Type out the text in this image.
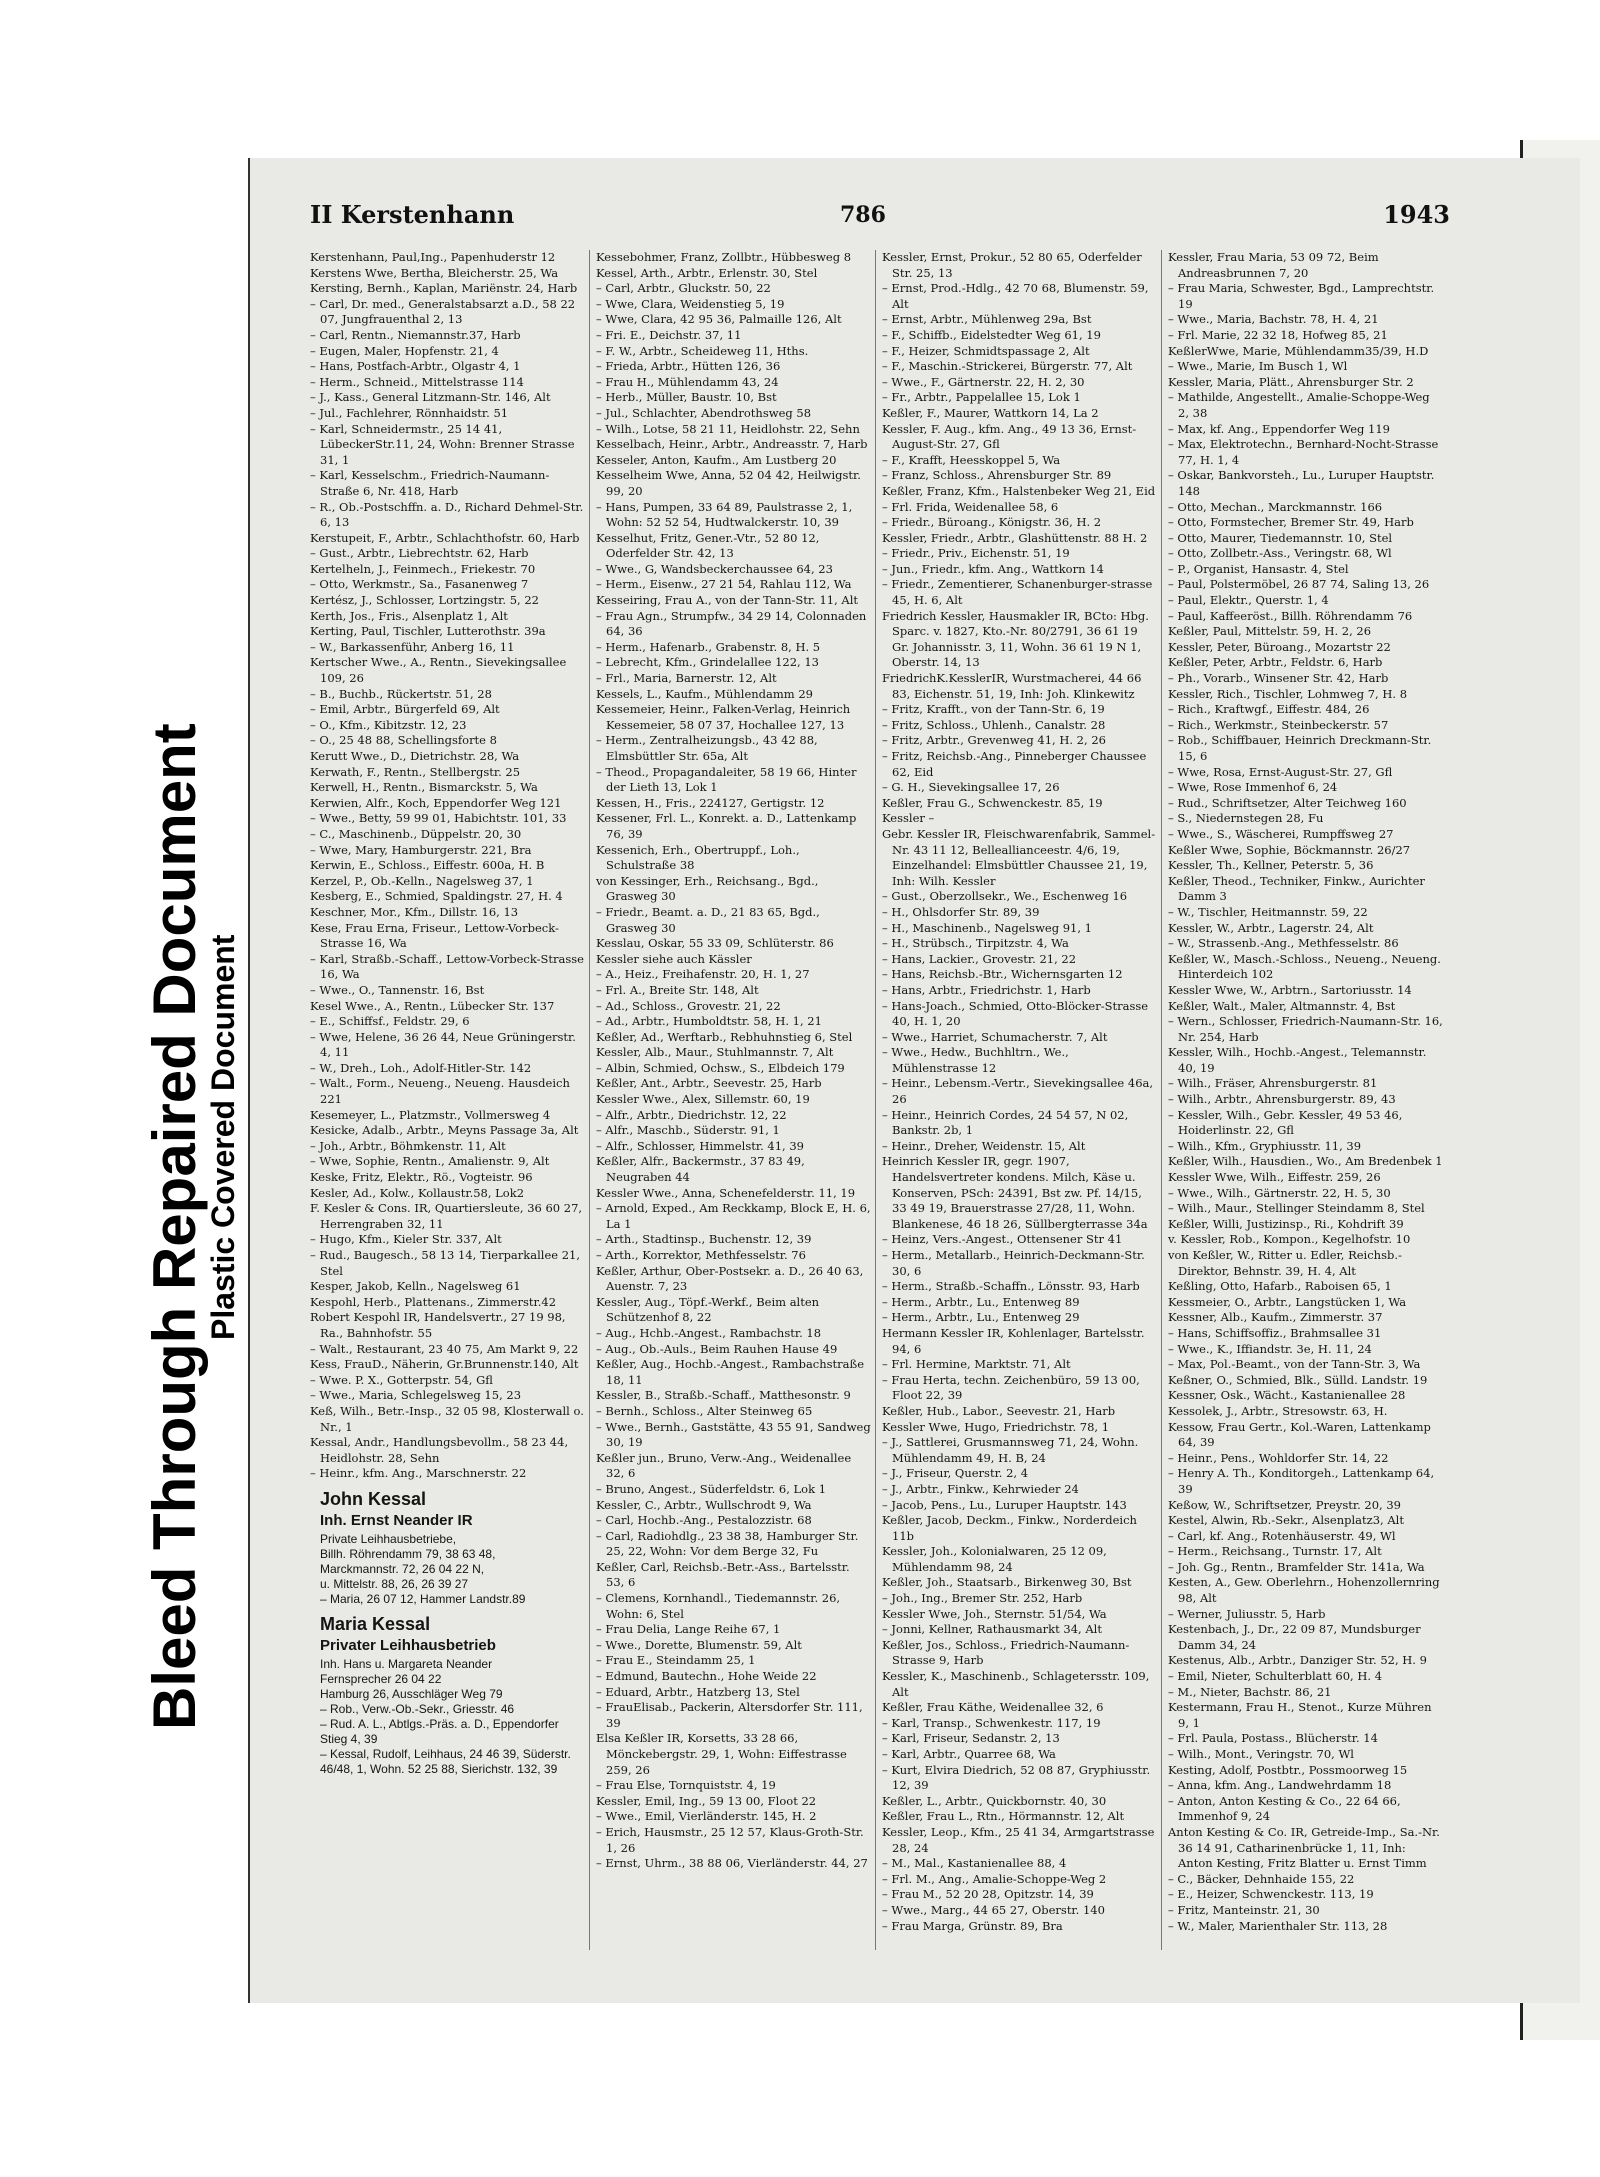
Bleed Through Repaired Document
Plastic Covered Document
II Kerstenhann	786	1943

Kerstenhann, Paul,Ing., Papenhuderstr 12

Kerstens Wwe, Bertha, Bleicherstr. 25, Wa

Kersting, Bernh., Kaplan, Mariënstr. 24, Harb

– Carl, Dr. med., Generalstabsarzt a.D., 58 22 07, Jungfrauenthal 2, 13

– Carl, Rentn., Niemannstr.37, Harb

– Eugen, Maler, Hopfenstr. 21, 4

– Hans, Postfach-Arbtr., Olgastr 4, 1

– Herm., Schneid., Mittelstrasse 114

– J., Kass., General Litzmann-Str. 146, Alt

– Jul., Fachlehrer, Rönnhaidstr. 51

– Karl, Schneidermstr., 25 14 41, LübeckerStr.11, 24, Wohn: Brenner Strasse 31, 1

– Karl, Kesselschm., Friedrich-Naumann-Straße 6, Nr. 418, Harb

– R., Ob.-Postschffn. a. D., Richard Dehmel-Str. 6, 13

Kerstupeit, F., Arbtr., Schlachthofstr. 60, Harb

– Gust., Arbtr., Liebrechtstr. 62, Harb

Kertelheln, J., Feinmech., Friekestr. 70

– Otto, Werkmstr., Sa., Fasanenweg 7

Kertész, J., Schlosser, Lortzingstr. 5, 22

Kerth, Jos., Fris., Alsenplatz 1, Alt

Kerting, Paul, Tischler, Lutterothstr. 39a

– W., Barkassenführ, Anberg 16, 11

Kertscher Wwe., A., Rentn., Sievekingsallee 109, 26

– B., Buchb., Rückertstr. 51, 28

– Emil, Arbtr., Bürgerfeld 69, Alt

– O., Kfm., Kibitzstr. 12, 23

– O., 25 48 88, Schellingsforte 8

Kerutt Wwe., D., Dietrichstr. 28, Wa

Kerwath, F., Rentn., Stellbergstr. 25

Kerwell, H., Rentn., Bismarckstr. 5, Wa

Kerwien, Alfr., Koch, Eppendorfer Weg 121

– Wwe., Betty, 59 99 01, Habichtstr. 101, 33

– C., Maschinenb., Düppelstr. 20, 30

– Wwe, Mary, Hamburgerstr. 221, Bra

Kerwin, E., Schloss., Eiffestr. 600a, H. B

Kerzel, P., Ob.-Kelln., Nagelsweg 37, 1

Kesberg, E., Schmied, Spaldingstr. 27, H. 4

Keschner, Mor., Kfm., Dillstr. 16, 13

Kese, Frau Erna, Friseur., Lettow-Vorbeck-Strasse 16, Wa

– Karl, Straßb.-Schaff., Lettow-Vorbeck-Strasse 16, Wa

– Wwe., O., Tannenstr. 16, Bst

Kesel Wwe., A., Rentn., Lübecker Str. 137

– E., Schiffsf., Feldstr. 29, 6

– Wwe, Helene, 36 26 44, Neue Grüningerstr. 4, 11

– W., Dreh., Loh., Adolf-Hitler-Str. 142

– Walt., Form., Neueng., Neueng. Hausdeich 221

Kesemeyer, L., Platzmstr., Vollmersweg 4

Kesicke, Adalb., Arbtr., Meyns Passage 3a, Alt

– Joh., Arbtr., Böhmkenstr. 11, Alt

– Wwe, Sophie, Rentn., Amalienstr. 9, Alt

Keske, Fritz, Elektr., Rö., Vogteistr. 96

Kesler, Ad., Kolw., Kollaustr.58, Lok2

F. Kesler & Cons. IR, Quartiersleute, 36 60 27, Herrengraben 32, 11

– Hugo, Kfm., Kieler Str. 337, Alt

– Rud., Baugesch., 58 13 14, Tierparkallee 21, Stel

Kesper, Jakob, Kelln., Nagelsweg 61

Kespohl, Herb., Plattenans., Zimmerstr.42

Robert Kespohl IR, Handelsvertr., 27 19 98, Ra., Bahnhofstr. 55

– Walt., Restaurant, 23 40 75, Am Markt 9, 22

Kess, FrauD., Näherin, Gr.Brunnenstr.140, Alt

– Wwe. P. X., Gotterpstr. 54, Gfl

– Wwe., Maria, Schlegelsweg 15, 23

Keß, Wilh., Betr.-Insp., 32 05 98, Klosterwall o. Nr., 1

Kessal, Andr., Handlungsbevollm., 58 23 44, Heidlohstr. 28, Sehn

– Heinr., kfm. Ang., Marschnerstr. 22

John Kessal
Inh. Ernst Neander IR
Private Leihhausbetriebe,
Billh. Röhrendamm 79, 38 63 48,
Marckmannstr. 72, 26 04 22 N,
u. Mittelstr. 88, 26, 26 39 27
– Maria, 26 07 12, Hammer Landstr.89
Maria Kessal
Privater Leihhausbetrieb
Inh. Hans u. Margareta Neander
Fernsprecher 26 04 22
Hamburg 26, Ausschläger Weg 79
– Rob., Verw.-Ob.-Sekr., Griesstr. 46
– Rud. A. L., Abtlgs.-Präs. a. D., Eppendorfer Stieg 4, 39
– Kessal, Rudolf, Leihhaus, 24 46 39, Süderstr. 46/48, 1, Wohn. 52 25 88, Sierichstr. 132, 39

Kessebohmer, Franz, Zollbtr., Hübbesweg 8

Kessel, Arth., Arbtr., Erlenstr. 30, Stel

– Carl, Arbtr., Gluckstr. 50, 22

– Wwe, Clara, Weidenstieg 5, 19

– Wwe, Clara, 42 95 36, Palmaille 126, Alt

– Fri. E., Deichstr. 37, 11

– F. W., Arbtr., Scheideweg 11, Hths.

– Frieda, Arbtr., Hütten 126, 36

– Frau H., Mühlendamm 43, 24

– Herb., Müller, Baustr. 10, Bst

– Jul., Schlachter, Abendrothsweg 58

– Wilh., Lotse, 58 21 11, Heidlohstr. 22, Sehn

Kesselbach, Heinr., Arbtr., Andreasstr. 7, Harb

Kesseler, Anton, Kaufm., Am Lustberg 20

Kesselheim Wwe, Anna, 52 04 42, Heilwigstr. 99, 20

– Hans, Pumpen, 33 64 89, Paulstrasse 2, 1, Wohn: 52 52 54, Hudtwalckerstr. 10, 39

Kesselhut, Fritz, Gener.-Vtr., 52 80 12, Oderfelder Str. 42, 13

– Wwe., G, Wandsbeckerchaussee 64, 23

– Herm., Eisenw., 27 21 54, Rahlau 112, Wa

Kesseiring, Frau A., von der Tann-Str. 11, Alt

– Frau Agn., Strumpfw., 34 29 14, Colonnaden 64, 36

– Herm., Hafenarb., Grabenstr. 8, H. 5

– Lebrecht, Kfm., Grindelallee 122, 13

– Frl., Maria, Barnerstr. 12, Alt

Kessels, L., Kaufm., Mühlendamm 29

Kessemeier, Heinr., Falken-Verlag, Heinrich Kessemeier, 58 07 37, Hochallee 127, 13

– Herm., Zentralheizungsb., 43 42 88, Elmsbüttler Str. 65a, Alt

– Theod., Propagandaleiter, 58 19 66, Hinter der Lieth 13, Lok 1

Kessen, H., Fris., 224127, Gertigstr. 12

Kessener, Frl. L., Konrekt. a. D., Lattenkamp 76, 39

Kessenich, Erh., Obertruppf., Loh., Schulstraße 38

von Kessinger, Erh., Reichsang., Bgd., Grasweg 30

– Friedr., Beamt. a. D., 21 83 65, Bgd., Grasweg 30

Kesslau, Oskar, 55 33 09, Schlüterstr. 86

Kessler siehe auch Kässler

– A., Heiz., Freihafenstr. 20, H. 1, 27

– Frl. A., Breite Str. 148, Alt

– Ad., Schloss., Grovestr. 21, 22

– Ad., Arbtr., Humboldtstr. 58, H. 1, 21

Keßler, Ad., Werftarb., Rebhuhnstieg 6, Stel

Kessler, Alb., Maur., Stuhlmannstr. 7, Alt

– Albin, Schmied, Ochsw., S., Elbdeich 179

Keßler, Ant., Arbtr., Seevestr. 25, Harb

Kessler Wwe., Alex, Sillemstr. 60, 19

– Alfr., Arbtr., Diedrichstr. 12, 22

– Alfr., Maschb., Süderstr. 91, 1

– Alfr., Schlosser, Himmelstr. 41, 39

Keßler, Alfr., Backermstr., 37 83 49, Neugraben 44

Kessler Wwe., Anna, Schenefelderstr. 11, 19

– Arnold, Exped., Am Reckkamp, Block E, H. 6, La 1

– Arth., Stadtinsp., Buchenstr. 12, 39

– Arth., Korrektor, Methfesselstr. 76

Keßler, Arthur, Ober-Postsekr. a. D., 26 40 63, Auenstr. 7, 23

Kessler, Aug., Töpf.-Werkf., Beim alten Schützenhof 8, 22

– Aug., Hchb.-Angest., Rambachstr. 18

– Aug., Ob.-Auls., Beim Rauhen Hause 49

Keßler, Aug., Hochb.-Angest., Rambachstraße 18, 11

Kessler, B., Straßb.-Schaff., Matthesonstr. 9

– Bernh., Schloss., Alter Steinweg 65

– Wwe., Bernh., Gaststätte, 43 55 91, Sandweg 30, 19

Keßler jun., Bruno, Verw.-Ang., Weidenallee 32, 6

– Bruno, Angest., Süderfeldstr. 6, Lok 1

Kessler, C., Arbtr., Wullschrodt 9, Wa

– Carl, Hochb.-Ang., Pestalozzistr. 68

– Carl, Radiohdlg., 23 38 38, Hamburger Str. 25, 22, Wohn: Vor dem Berge 32, Fu

Keßler, Carl, Reichsb.-Betr.-Ass., Bartelsstr. 53, 6

– Clemens, Kornhandl., Tiedemannstr. 26, Wohn: 6, Stel

– Frau Delia, Lange Reihe 67, 1

– Wwe., Dorette, Blumenstr. 59, Alt

– Frau E., Steindamm 25, 1

– Edmund, Bautechn., Hohe Weide 22

– Eduard, Arbtr., Hatzberg 13, Stel

– FrauElisab., Packerin, Altersdorfer Str. 111, 39

Elsa Keßler IR, Korsetts, 33 28 66, Mönckebergstr. 29, 1, Wohn: Eiffestrasse 259, 26

– Frau Else, Tornquiststr. 4, 19

Kessler, Emil, Ing., 59 13 00, Floot 22

– Wwe., Emil, Vierländerstr. 145, H. 2

– Erich, Hausmstr., 25 12 57, Klaus-Groth-Str. 1, 26

– Ernst, Uhrm., 38 88 06, Vierländerstr. 44, 27

Kessler, Ernst, Prokur., 52 80 65, Oderfelder Str. 25, 13

– Ernst, Prod.-Hdlg., 42 70 68, Blumenstr. 59, Alt

– Ernst, Arbtr., Mühlenweg 29a, Bst

– F., Schiffb., Eidelstedter Weg 61, 19

– F., Heizer, Schmidtspassage 2, Alt

– F., Maschin.-Strickerei, Bürgerstr. 77, Alt

– Wwe., F., Gärtnerstr. 22, H. 2, 30

– Fr., Arbtr., Pappelallee 15, Lok 1

Keßler, F., Maurer, Wattkorn 14, La 2

Kessler, F. Aug., kfm. Ang., 49 13 36, Ernst-August-Str. 27, Gfl

– F., Krafft, Heesskoppel 5, Wa

– Franz, Schloss., Ahrensburger Str. 89

Keßler, Franz, Kfm., Halstenbeker Weg 21, Eid

– Frl. Frida, Weidenallee 58, 6

– Friedr., Büroang., Königstr. 36, H. 2

Kessler, Friedr., Arbtr., Glashüttenstr. 88 H. 2

– Friedr., Priv., Eichenstr. 51, 19

– Jun., Friedr., kfm. Ang., Wattkorn 14

– Friedr., Zementierer, Schanenburger-strasse 45, H. 6, Alt

Friedrich Kessler, Hausmakler IR, BCto: Hbg. Sparc. v. 1827, Kto.-Nr. 80/2791, 36 61 19 Gr. Johannisstr. 3, 11, Wohn. 36 61 19 N 1, Oberstr. 14, 13

FriedrichK.KesslerIR, Wurstmacherei, 44 66 83, Eichenstr. 51, 19, Inh: Joh. Klinkewitz

– Fritz, Krafft., von der Tann-Str. 6, 19

– Fritz, Schloss., Uhlenh., Canalstr. 28

– Fritz, Arbtr., Grevenweg 41, H. 2, 26

– Fritz, Reichsb.-Ang., Pinneberger Chaussee 62, Eid

– G. H., Sievekingsallee 17, 26

Keßler, Frau G., Schwenckestr. 85, 19

Kessler –

Gebr. Kessler IR, Fleischwarenfabrik, Sammel-Nr. 43 11 12, Belleallianceestr. 4/6, 19, Einzelhandel: Elmsbüttler Chaussee 21, 19, Inh: Wilh. Kessler

– Gust., Oberzollsekr., We., Eschenweg 16

– H., Ohlsdorfer Str. 89, 39

– H., Maschinenb., Nagelsweg 91, 1

– H., Strübsch., Tirpitzstr. 4, Wa

– Hans, Lackier., Grovestr. 21, 22

– Hans, Reichsb.-Btr., Wichernsgarten 12

– Hans, Arbtr., Friedrichstr. 1, Harb

– Hans-Joach., Schmied, Otto-Blöcker-Strasse 40, H. 1, 20

– Wwe., Harriet, Schumacherstr. 7, Alt

– Wwe., Hedw., Buchhltrn., We., Mühlenstrasse 12

– Heinr., Lebensm.-Vertr., Sievekingsallee 46a, 26

– Heinr., Heinrich Cordes, 24 54 57, N 02, Bankstr. 2b, 1

– Heinr., Dreher, Weidenstr. 15, Alt

Heinrich Kessler IR, gegr. 1907, Handelsvertreter kondens. Milch, Käse u. Konserven, PSch: 24391, Bst zw. Pf. 14/15, 33 49 19, Brauerstrasse 27/28, 11, Wohn. Blankenese, 46 18 26, Süllbergterrasse 34a

– Heinz, Vers.-Angest., Ottensener Str 41

– Herm., Metallarb., Heinrich-Deckmann-Str. 30, 6

– Herm., Straßb.-Schaffn., Lönsstr. 93, Harb

– Herm., Arbtr., Lu., Entenweg 89

– Herm., Arbtr., Lu., Entenweg 29

Hermann Kessler IR, Kohlenlager, Bartelsstr. 94, 6

– Frl. Hermine, Marktstr. 71, Alt

– Frau Herta, techn. Zeichenbüro, 59 13 00, Floot 22, 39

Keßler, Hub., Labor., Seevestr. 21, Harb

Kessler Wwe, Hugo, Friedrichstr. 78, 1

– J., Sattlerei, Grusmannsweg 71, 24, Wohn. Mühlendamm 49, H. B, 24

– J., Friseur, Querstr. 2, 4

– J., Arbtr., Finkw., Kehrwieder 24

– Jacob, Pens., Lu., Luruper Hauptstr. 143

Keßler, Jacob, Deckm., Finkw., Norderdeich 11b

Kessler, Joh., Kolonialwaren, 25 12 09, Mühlendamm 98, 24

Keßler, Joh., Staatsarb., Birkenweg 30, Bst

– Joh., Ing., Bremer Str. 252, Harb

Kessler Wwe, Joh., Sternstr. 51/54, Wa

– Jonni, Kellner, Rathausmarkt 34, Alt

Keßler, Jos., Schloss., Friedrich-Naumann-Strasse 9, Harb

Kessler, K., Maschinenb., Schlagetersstr. 109, Alt

Keßler, Frau Käthe, Weidenallee 32, 6

– Karl, Transp., Schwenkestr. 117, 19

– Karl, Friseur, Sedanstr. 2, 13

– Karl, Arbtr., Quarree 68, Wa

– Kurt, Elvira Diedrich, 52 08 87, Gryphiusstr. 12, 39

Keßler, L., Arbtr., Quickbornstr. 40, 30

Keßler, Frau L., Rtn., Hörmannstr. 12, Alt

Kessler, Leop., Kfm., 25 41 34, Armgartstrasse 28, 24

– M., Mal., Kastanienallee 88, 4

– Frl. M., Ang., Amalie-Schoppe-Weg 2

– Frau M., 52 20 28, Opitzstr. 14, 39

– Wwe., Marg., 44 65 27, Oberstr. 140

– Frau Marga, Grünstr. 89, Bra

Kessler, Frau Maria, 53 09 72, Beim Andreasbrunnen 7, 20

– Frau Maria, Schwester, Bgd., Lamprechtstr. 19

– Wwe., Maria, Bachstr. 78, H. 4, 21

– Frl. Marie, 22 32 18, Hofweg 85, 21

KeßlerWwe, Marie, Mühlendamm35/39, H.D

– Wwe., Marie, Im Busch 1, Wl

Kessler, Maria, Plätt., Ahrensburger Str. 2

– Mathilde, Angestellt., Amalie-Schoppe-Weg 2, 38

– Max, kf. Ang., Eppendorfer Weg 119

– Max, Elektrotechn., Bernhard-Nocht-Strasse 77, H. 1, 4

– Oskar, Bankvorsteh., Lu., Luruper Hauptstr. 148

– Otto, Mechan., Marckmannstr. 166

– Otto, Formstecher, Bremer Str. 49, Harb

– Otto, Maurer, Tiedemannstr. 10, Stel

– Otto, Zollbetr.-Ass., Veringstr. 68, Wl

– P., Organist, Hansastr. 4, Stel

– Paul, Polstermöbel, 26 87 74, Saling 13, 26

– Paul, Elektr., Querstr. 1, 4

– Paul, Kaffeeröst., Billh. Röhrendamm 76

Keßler, Paul, Mittelstr. 59, H. 2, 26

Kessler, Peter, Büroang., Mozartstr 22

Keßler, Peter, Arbtr., Feldstr. 6, Harb

– Ph., Vorarb., Winsener Str. 42, Harb

Kessler, Rich., Tischler, Lohmweg 7, H. 8

– Rich., Kraftwgf., Eiffestr. 484, 26

– Rich., Werkmstr., Steinbeckerstr. 57

– Rob., Schiffbauer, Heinrich Dreckmann-Str. 15, 6

– Wwe, Rosa, Ernst-August-Str. 27, Gfl

– Wwe, Rose Immenhof 6, 24

– Rud., Schriftsetzer, Alter Teichweg 160

– S., Niedernstegen 28, Fu

– Wwe., S., Wäscherei, Rumpffsweg 27

Keßler Wwe, Sophie, Böckmannstr. 26/27

Kessler, Th., Kellner, Peterstr. 5, 36

Keßler, Theod., Techniker, Finkw., Aurichter Damm 3

– W., Tischler, Heitmannstr. 59, 22

Kessler, W., Arbtr., Lagerstr. 24, Alt

– W., Strassenb.-Ang., Methfesselstr. 86

Keßler, W., Masch.-Schloss., Neueng., Neueng. Hinterdeich 102

Kessler Wwe, W., Arbtrn., Sartoriusstr. 14

Keßler, Walt., Maler, Altmannstr. 4, Bst

– Wern., Schlosser, Friedrich-Naumann-Str. 16, Nr. 254, Harb

Kessler, Wilh., Hochb.-Angest., Telemannstr. 40, 19

– Wilh., Fräser, Ahrensburgerstr. 81

– Wilh., Arbtr., Ahrensburgerstr. 89, 43

– Kessler, Wilh., Gebr. Kessler, 49 53 46, Hoiderlinstr. 22, Gfl

– Wilh., Kfm., Gryphiusstr. 11, 39

Keßler, Wilh., Hausdien., Wo., Am Bredenbek 1

Kessler Wwe, Wilh., Eiffestr. 259, 26

– Wwe., Wilh., Gärtnerstr. 22, H. 5, 30

– Wilh., Maur., Stellinger Steindamm 8, Stel

Keßler, Willi, Justizinsp., Ri., Kohdrift 39

v. Kessler, Rob., Kompon., Kegelhofstr. 10

von Keßler, W., Ritter u. Edler, Reichsb.-Direktor, Behnstr. 39, H. 4, Alt

Keßling, Otto, Hafarb., Raboisen 65, 1

Kessmeier, O., Arbtr., Langstücken 1, Wa

Kessner, Alb., Kaufm., Zimmerstr. 37

– Hans, Schiffsoffiz., Brahmsallee 31

– Wwe., K., Iffiandstr. 3e, H. 11, 24

– Max, Pol.-Beamt., von der Tann-Str. 3, Wa

Keßner, O., Schmied, Blk., Sülld. Landstr. 19

Kessner, Osk., Wächt., Kastanienallee 28

Kessolek, J., Arbtr., Stresowstr. 63, H.

Kessow, Frau Gertr., Kol.-Waren, Lattenkamp 64, 39

– Heinr., Pens., Wohldorfer Str. 14, 22

– Henry A. Th., Konditorgeh., Lattenkamp 64, 39

Keßow, W., Schriftsetzer, Preystr. 20, 39

Kestel, Alwin, Rb.-Sekr., Alsenplatz3, Alt

– Carl, kf. Ang., Rotenhäuserstr. 49, Wl

– Herm., Reichsang., Turnstr. 17, Alt

– Joh. Gg., Rentn., Bramfelder Str. 141a, Wa

Kesten, A., Gew. Oberlehrn., Hohenzollernring 98, Alt

– Werner, Juliusstr. 5, Harb

Kestenbach, J., Dr., 22 09 87, Mundsburger Damm 34, 24

Kestenus, Alb., Arbtr., Danziger Str. 52, H. 9

– Emil, Nieter, Schulterblatt 60, H. 4

– M., Nieter, Bachstr. 86, 21

Kestermann, Frau H., Stenot., Kurze Mühren 9, 1

– Frl. Paula, Postass., Blücherstr. 14

– Wilh., Mont., Veringstr. 70, Wl

Kesting, Adolf, Postbtr., Possmoorweg 15

– Anna, kfm. Ang., Landwehrdamm 18

– Anton, Anton Kesting & Co., 22 64 66, Immenhof 9, 24

Anton Kesting & Co. IR, Getreide-Imp., Sa.-Nr. 36 14 91, Catharinenbrücke 1, 11, Inh: Anton Kesting, Fritz Blatter u. Ernst Timm

– C., Bäcker, Dehnhaide 155, 22

– E., Heizer, Schwenckestr. 113, 19

– Fritz, Manteinstr. 21, 30

– W., Maler, Marienthaler Str. 113, 28
